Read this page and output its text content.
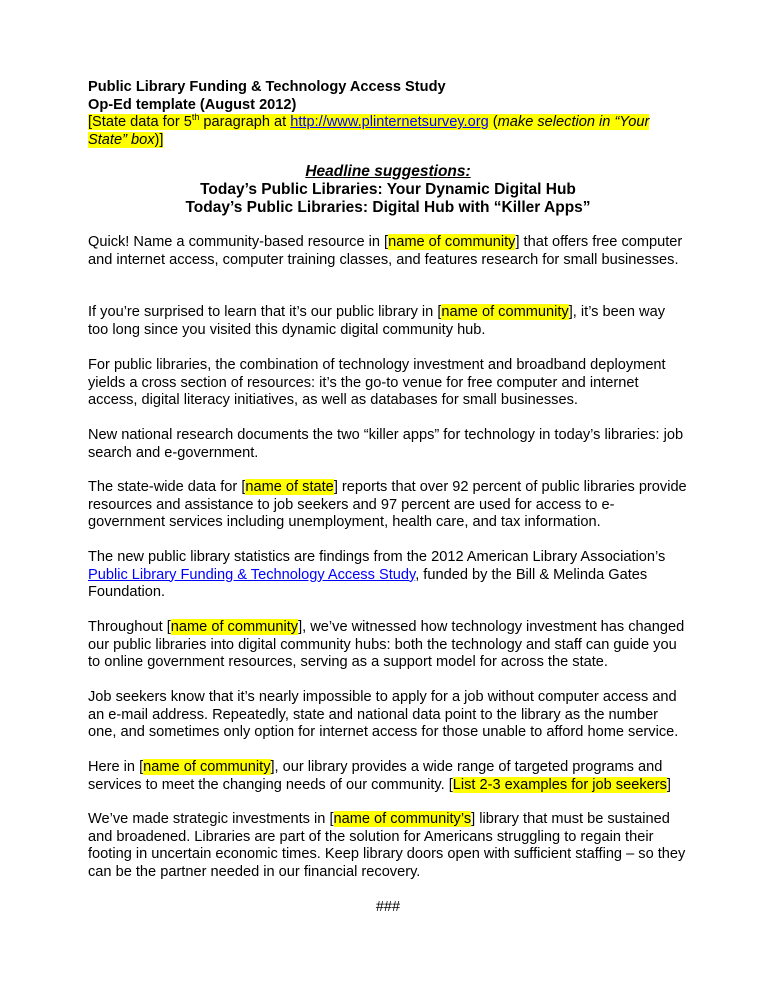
Public Library Funding & Technology Access Study
Op-Ed template (August 2012)
[State data for 5th paragraph at http://www.plinternetsurvey.org (make selection in “Your State” box)]
Headline suggestions:
Today’s Public Libraries: Your Dynamic Digital Hub
Today’s Public Libraries: Digital Hub with “Killer Apps”

Quick! Name a community-based resource in [name of community] that offers free computer and internet access, computer training classes, and features research for small businesses.

If you’re surprised to learn that it’s our public library in [name of community], it’s been way too long since you visited this dynamic digital community hub.

For public libraries, the combination of technology investment and broadband deployment yields a cross section of resources: it’s the go-to venue for free computer and internet access, digital literacy initiatives, as well as databases for small businesses.

New national research documents the two “killer apps” for technology in today’s libraries: job search and e-government.

The state-wide data for [name of state] reports that over 92 percent of public libraries provide resources and assistance to job seekers and 97 percent are used for access to e-government services including unemployment, health care, and tax information.

The new public library statistics are findings from the 2012 American Library Association’s Public Library Funding & Technology Access Study, funded by the Bill & Melinda Gates Foundation.

Throughout [name of community], we’ve witnessed how technology investment has changed our public libraries into digital community hubs: both the technology and staff can guide you to online government resources, serving as a support model for across the state.

Job seekers know that it’s nearly impossible to apply for a job without computer access and an e-mail address. Repeatedly, state and national data point to the library as the number one, and sometimes only option for internet access for those unable to afford home service.

Here in [name of community], our library provides a wide range of targeted programs and services to meet the changing needs of our community. [List 2-3 examples for job seekers]

We’ve made strategic investments in [name of community’s] library that must be sustained and broadened. Libraries are part of the solution for Americans struggling to regain their footing in uncertain economic times. Keep library doors open with sufficient staffing – so they can be the partner needed in our financial recovery.

###
